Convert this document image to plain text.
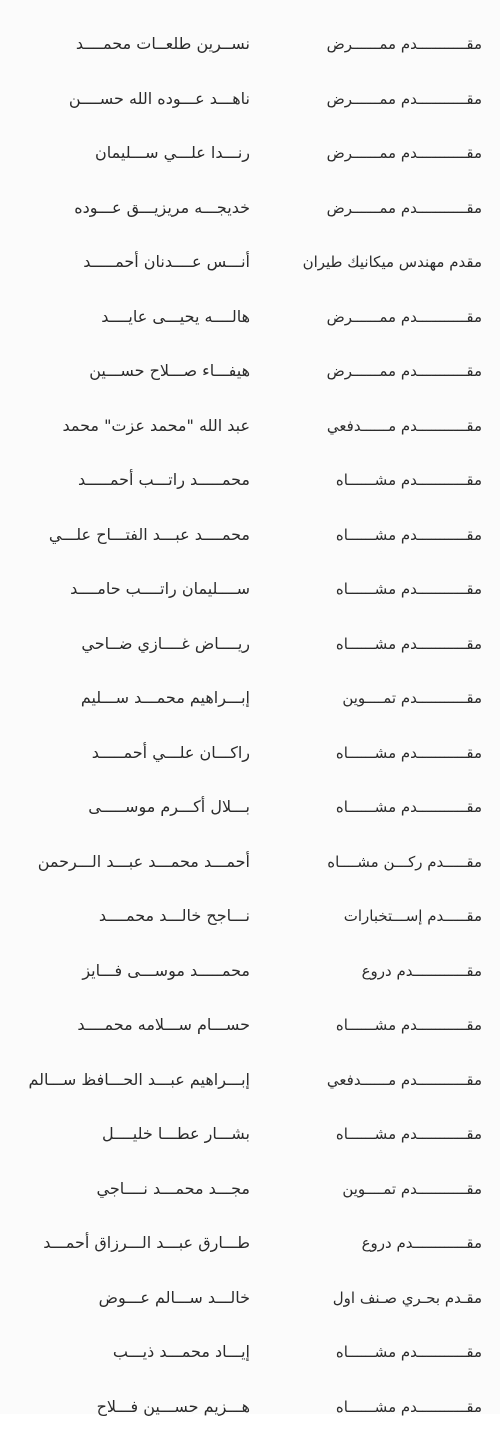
مقـــــــــــدم ممــــــرض
نســرين طلعــات محمــــد
مقـــــــــــدم ممــــــرض
ناهـــد عـــوده الله حســــن
مقـــــــــــدم ممــــــرض
رنـــدا علـــي ســـليمان
مقـــــــــــدم ممــــــرض
خديجـــه مريزيـــق عـــوده
مقدم مهندس ميكانيك طيران
أنـــس عــــدنان أحمـــــد
مقـــــــــــدم ممــــــرض
هالــــه يحيـــى عايــــد
مقـــــــــــدم ممــــــرض
هيفـــاء صـــلاح حســـين
مقـــــــــــدم مــــــدفعي
عبد الله "محمد عزت" محمد
مقـــــــــــدم مشــــــاه
محمـــــد راتـــب أحمـــــد
مقـــــــــــدم مشــــــاه
محمــــد عبـــد الفتـــاح علـــي
مقـــــــــــدم مشــــــاه
ســــليمان راتــــب حامــــد
مقـــــــــــدم مشــــــاه
ريــــاض غــــازي ضــاحي
مقـــــــــــدم تمــــوين
إبـــراهيم محمـــد ســـليم
مقـــــــــــدم مشــــــاه
راكـــان علـــي أحمـــــد
مقـــــــــــدم مشــــــاه
بـــلال أكـــرم موســـــى
مقـــــدم ركـــن مشــــاه
أحمـــد محمـــد عبـــد الـــرحمن
مقـــــدم إســـتخبارات
نـــاجح خالـــد محمــــد
مقــــــــــــدم دروع
محمـــــد موســـى فـــايز
مقـــــــــــدم مشــــــاه
حســـام ســـلامه محمــــد
مقـــــــــــدم مــــــدفعي
إبـــراهيم عبـــد الحـــافظ ســـالم
مقـــــــــــدم مشــــــاه
بشـــار عطـــا خليــــل
مقـــــــــــدم تمــــوين
مجـــد محمـــد نــــاجي
مقــــــــــــدم دروع
طـــارق عبـــد الـــرزاق أحمـــد
مقـدم بحـري صـنف اول
خالـــد ســـالم عـــوض
مقـــــــــــدم مشــــــاه
إيـــاد محمـــد ذيـــب
مقـــــــــــدم مشــــــاه
هـــزيم حســـين فـــلاح
